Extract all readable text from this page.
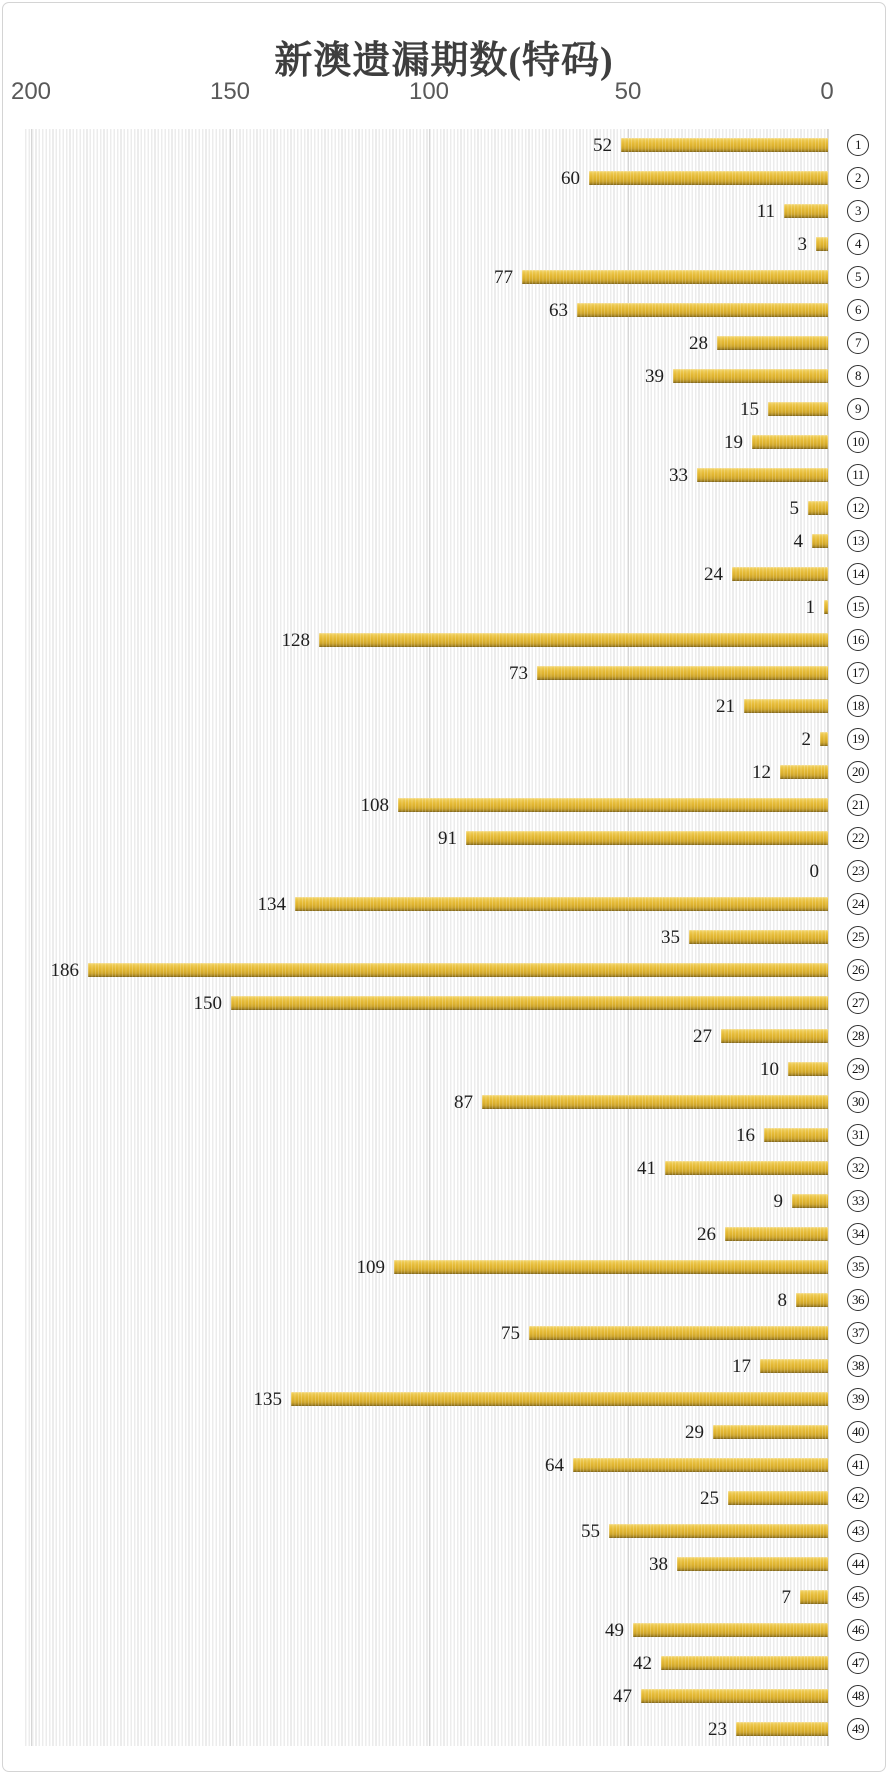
新澳遗漏期数(特码)
200	150	100	50	0
52	1
60	2
11	3
3	4
77	5
63	6
28	7
39	8
15	9
19	10
33	11
5	12
4	13
24	14
1	15
128	16
73	17
21	18
2	19
12	20
108	21
91	22
0	23
134	24
35	25
186	26
150	27
27	28
10	29
87	30
16	31
41	32
9	33
26	34
109	35
8	36
75	37
17	38
135	39
29	40
64	41
25	42
55	43
38	44
7	45
49	46
42	47
47	48
23	49
